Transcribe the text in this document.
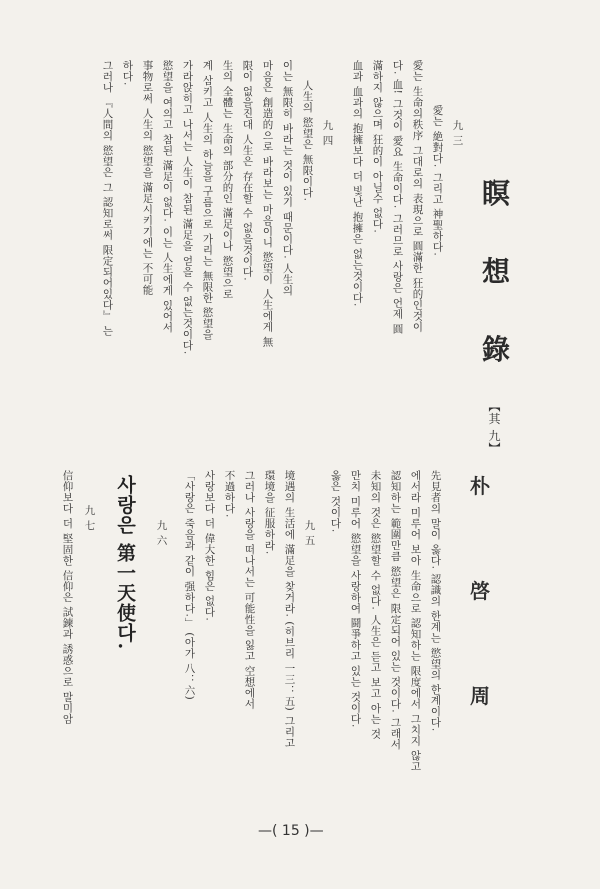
瞑
想
錄
【其 九】
九 三
愛는 絶對다. 그리고 神聖하다.
愛는 生命의秩序 그대로의 表現으로 圓滿한 狂的인것이
다. 血! 그것이 愛요 生命이다. 그러므로 사랑은 언제 圓
滿하지 않으며 狂的이 아닐수 없다.
血과 血과의 抱擁보다 더 빛난 抱擁은 없는것이다.
九 四
人生의 慾望은 無限이다.
이는 無限히 바라는 것이 있기 때문이다. 人生의
마음은 創造的으로 바라보는 마음이니 慾望이 人生에게 無
限이 없을진대 人生은 存在할 수 없을것이다.
生의 全體는 生命의 部分的인 滿足이나 慾望으로
계 삼키고 人生의 하늘을 구름으로 가리는 無限한 慾望을
가라앉히고 나서는 人生이 참된 滿足을 얻을 수 없는것이다.
慾望을 여의고 참된 滿足이 없다. 이는 人生에게 있어서
事物로써 人生의 慾望을 滿足시키기에는 不可能
하다.
그러나 『人間의 慾望은 그 認知로써 限定되어있다』 는
朴
啓
周
先見者의 말이 옳다. 認識의 한계는 慾望의 한계이다.
에서라 미루어 보아 生命으로 認知하는 限度에서 그치지 않고
認知하는 範圍만큼 慾望은 限定되어 있는 것이다. 그래서
未知의 것은 慾望할 수 없다. 人生은 듣고 보고 아는 것
만치 미루어 慾望을 사랑하여 鬪爭하고 있는 것이다.
옳은 것이다.
九 五
境遇의 生活에 滿足을 찾거라. (히브리 一三：五) 그리고
環境을 征服하라.
그러나 사랑을 떠나서는 可能性을 잃고 空想에서
不過하다.
사랑보다 더 偉大한 힘은 없다.
「사랑은 죽음과 같이 强하다.」 (아가 八：六)
九 六
사랑은 第一天使다.
九 七
信仰보다 더 堅固한 信仰은 試鍊과 誘惑으로 말미암
—( 15 )—
